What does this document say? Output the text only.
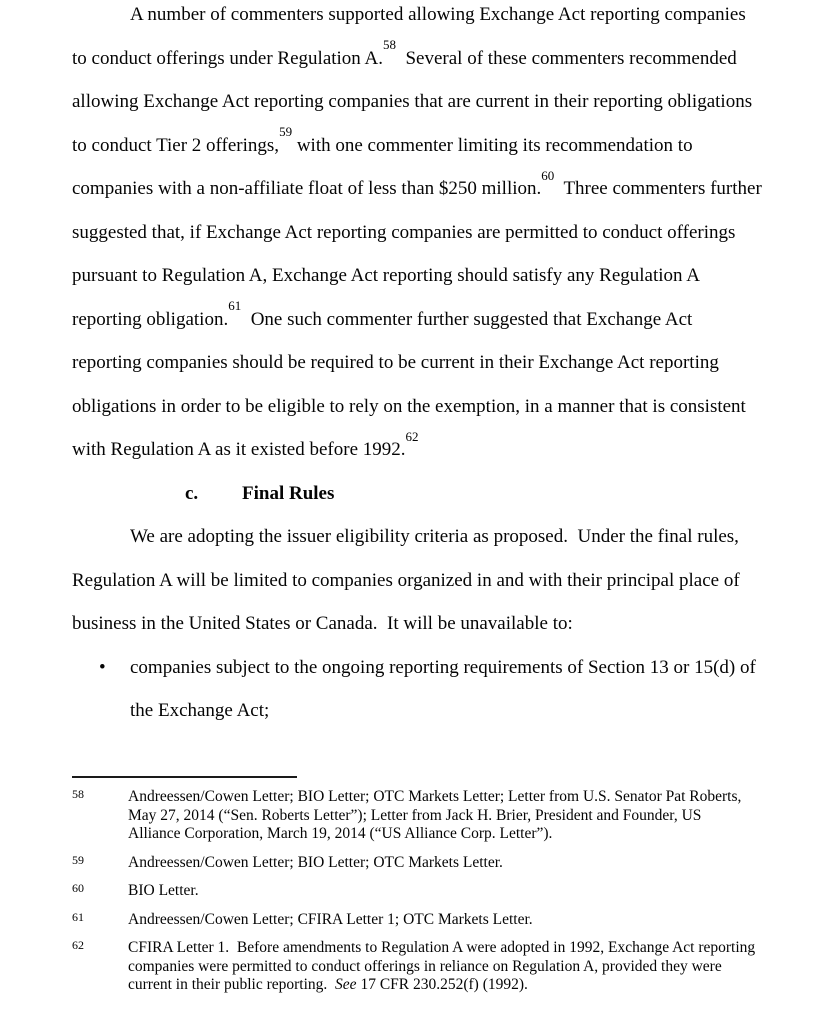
A number of commenters supported allowing Exchange Act reporting companies to conduct offerings under Regulation A.$^{58}$  Several of these commenters recommended allowing Exchange Act reporting companies that are current in their reporting obligations to conduct Tier 2 offerings,$^{59}$ with one commenter limiting its recommendation to companies with a non-affiliate float of less than $250 million.$^{60}$  Three commenters further suggested that, if Exchange Act reporting companies are permitted to conduct offerings pursuant to Regulation A, Exchange Act reporting should satisfy any Regulation A reporting obligation.$^{61}$  One such commenter further suggested that Exchange Act reporting companies should be required to be current in their Exchange Act reporting obligations in order to be eligible to rely on the exemption, in a manner that is consistent with Regulation A as it existed before 1992.62

c. Final Rules

We are adopting the issuer eligibility criteria as proposed.  Under the final rules, Regulation A will be limited to companies organized in and with their principal place of business in the United States or Canada.  It will be unavailable to:

•	companies subject to the ongoing reporting requirements of Section 13 or 15(d) of the Exchange Act;
58	Andreessen/Cowen Letter; BIO Letter; OTC Markets Letter; Letter from U.S. Senator Pat Roberts, May 27, 2014 (“Sen. Roberts Letter”); Letter from Jack H. Brier, President and Founder, US Alliance Corporation, March 19, 2014 (“US Alliance Corp. Letter”).
59	Andreessen/Cowen Letter; BIO Letter; OTC Markets Letter.
60	BIO Letter.
61	Andreessen/Cowen Letter; CFIRA Letter 1; OTC Markets Letter.
62	CFIRA Letter 1.  Before amendments to Regulation A were adopted in 1992, Exchange Act reporting companies were permitted to conduct offerings in reliance on Regulation A, provided they were current in their public reporting.  See 17 CFR 230.252(f) (1992).
